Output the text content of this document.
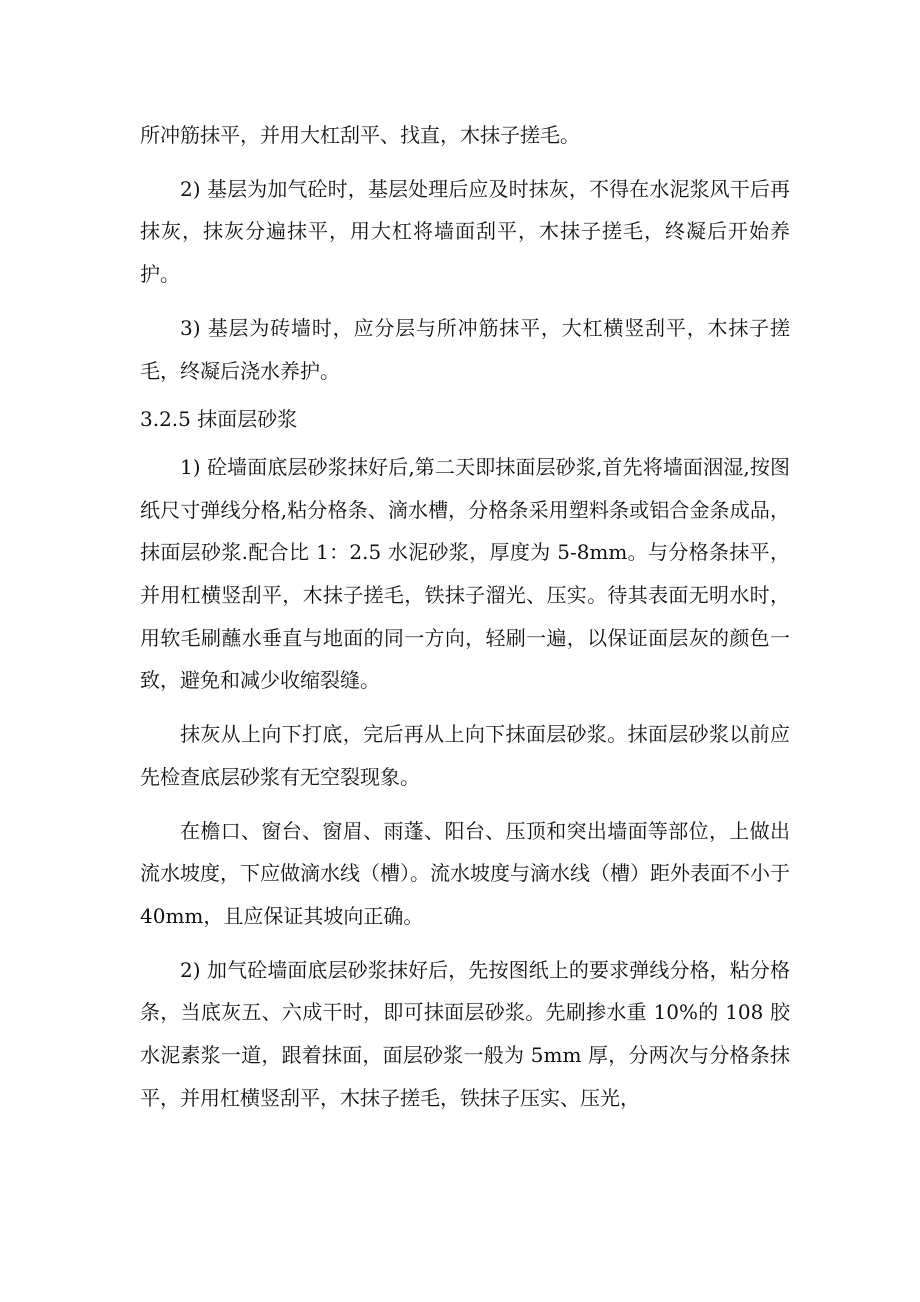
所冲筋抹平，并用大杠刮平、找直，木抹子搓毛。

2) 基层为加气砼时，基层处理后应及时抹灰，不得在水泥浆风干后再抹灰，抹灰分遍抹平，用大杠将墙面刮平，木抹子搓毛，终凝后开始养护。

3) 基层为砖墙时，应分层与所冲筋抹平，大杠横竖刮平，木抹子搓毛，终凝后浇水养护。

3.2.5 抹面层砂浆

1) 砼墙面底层砂浆抹好后,第二天即抹面层砂浆,首先将墙面洇湿,按图纸尺寸弹线分格,粘分格条、滴水槽，分格条采用塑料条或铝合金条成品，抹面层砂浆.配合比 1：2.5 水泥砂浆，厚度为 5-8mm。与分格条抹平，并用杠横竖刮平，木抹子搓毛，铁抹子溜光、压实。待其表面无明水时，用软毛刷蘸水垂直与地面的同一方向，轻刷一遍，以保证面层灰的颜色一致，避免和减少收缩裂缝。

抹灰从上向下打底，完后再从上向下抹面层砂浆。抹面层砂浆以前应先检查底层砂浆有无空裂现象。

在檐口、窗台、窗眉、雨蓬、阳台、压顶和突出墙面等部位，上做出流水坡度，下应做滴水线（槽）。流水坡度与滴水线（槽）距外表面不小于 40mm，且应保证其坡向正确。

2) 加气砼墙面底层砂浆抹好后，先按图纸上的要求弹线分格，粘分格条，当底灰五、六成干时，即可抹面层砂浆。先刷掺水重 10%的 108 胶水泥素浆一道，跟着抹面，面层砂浆一般为 5mm 厚，分两次与分格条抹平，并用杠横竖刮平，木抹子搓毛，铁抹子压实、压光，
